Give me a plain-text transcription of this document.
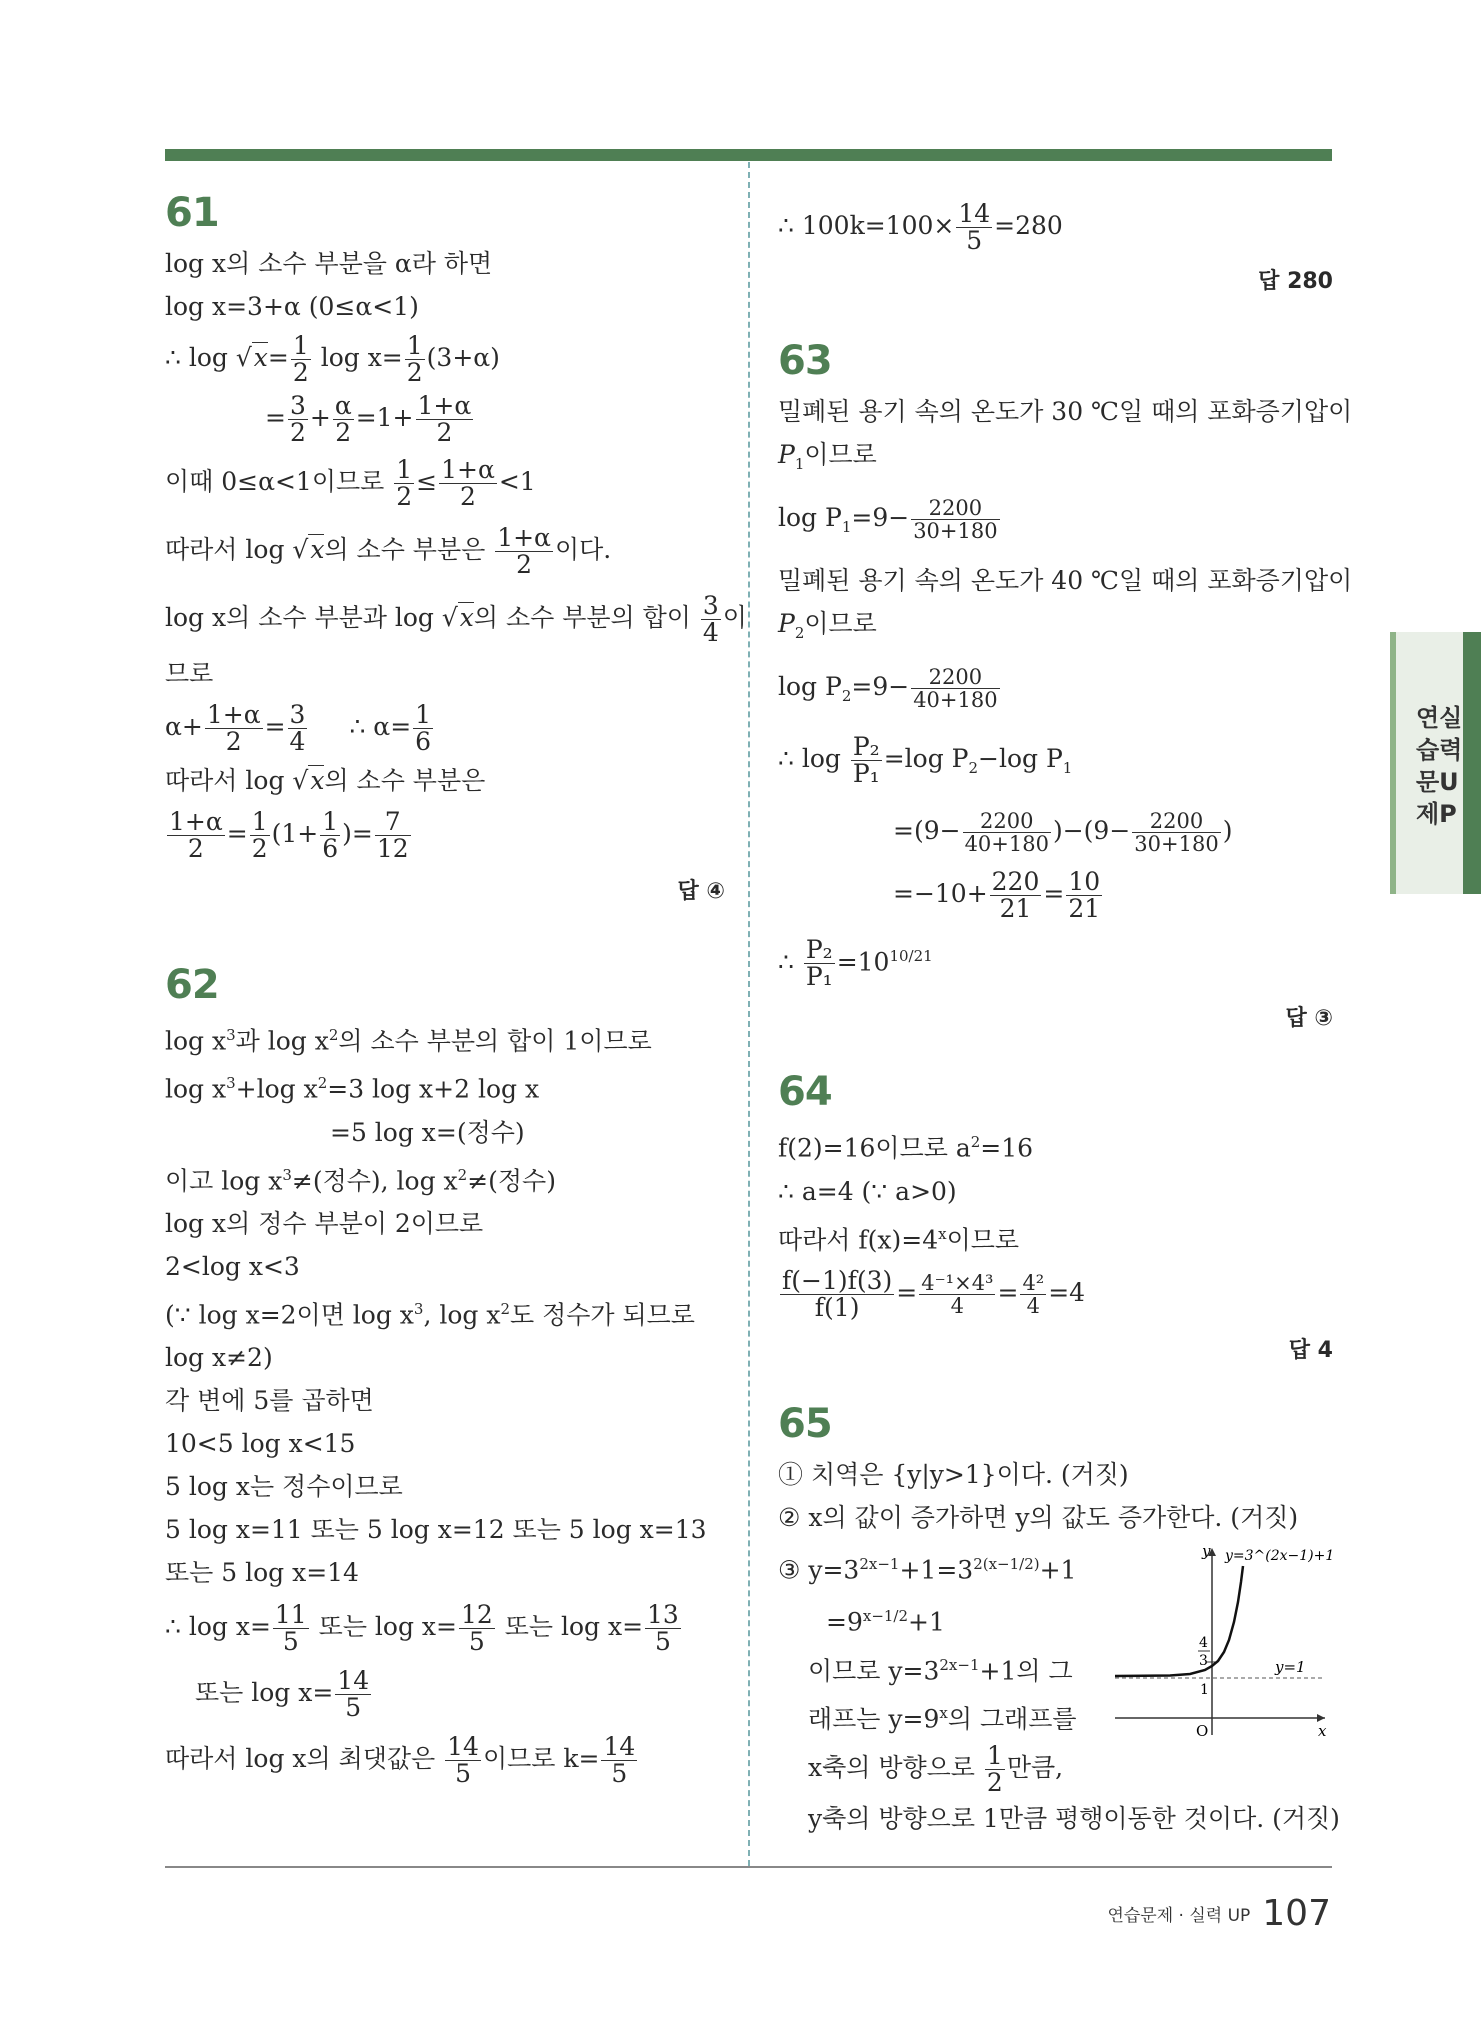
61
log x의 소수 부분을 α라 하면
log x=3+α (0≤α<1)
∴ $\log √x= \frac{1}{2}$ $\log x= \frac{1}{2} (3+\alpha)$
= $\frac{3}{2} + \frac{\alpha}{2} =1+ \frac{1+\alpha}{2}$
이때 0≤α<1이므로 $\frac{1}{2} \le \frac{1+\alpha}{2} <1$
따라서 log √x의 소수 부분은 $\frac{1+\alpha}{2}$ 이다.
log x의 소수 부분과 log √x의 소수 부분의 합이 $\frac{3}{4}$ 이
므로
$\alpha+ \frac{1+\alpha}{2} = \frac{3}{4}$ ∴ $\alpha= \frac{1}{6}$
따라서 log √x의 소수 부분은
$\frac{1+\alpha}{2} = \frac{1}{2} (1+ \frac{1}{6}$ )= $\frac{7}{12}$
답 ④
62
$\log x^3$과 $\log x^2$의 소수 부분의 합이 1이므로
$\log x^3+\log$ $x^2=3$ log x+2 log x
=5 log x=(정수)
이고 $\log x^3\ne$(정수), $\log x^2\ne$(정수)
log x의 정수 부분이 2이므로
2<log x<3
(∵ log x=2이면 $\log x^3$, $\log x^2$도 정수가 되므로
log x≠2)
각 변에 5를 곱하면
10<5 log x<15
5 log x는 정수이므로
5 log x=11 또는 5 log x=12 또는 5 log x=13
또는 5 log x=14
∴ $\log x= \frac{11}{5}$ 또는 $\log x= \frac{12}{5}$ 또는 $\log x= \frac{13}{5}$
또는 $\log x= \frac{14}{5}$
따라서 log x의 최댓값은 $\frac{14}{5}$ 이므로 $k= \frac{14}{5}$
∴ $100k=100\times \frac{14}{5} =280$
답 280
63
밀폐된 용기 속의 온도가 30 ℃일 때의 포화증기압이
$P_1$이므로
$\log P_1=9- \frac{2200}{30+180}$
밀폐된 용기 속의 온도가 40 ℃일 때의 포화증기압이
$P_2$이므로
$\log P_2=9- \frac{2200}{40+180}$
∴ $\log \frac{\text{P₂}}{\text{P₁}} =\log$ $P_2-\log$ $P_1$
$=(9- \frac{2200}{40+180} )-(9- \frac{2200}{30+180}$ )
$=-10+ \frac{220}{21} = \frac{10}{21}$
∴ $\frac{\text{P₂}}{\text{P₁}} =10^{10/21}$
답 ③
64
f(2)=16이므로 $a^2=16$
∴ a=4 (∵ a>0)
따라서 $f(x)=4^x$이므로
$\frac{f(-1)f(3)}{f(1)} = \frac{\text{4⁻¹×4³}}{4} = \frac{\text{4²}}{4} =4$
답 4
65
① 치역은 {y|y>1}이다. (거짓)
② x의 값이 증가하면 y의 값도 증가한다. (거짓)
③ $y=3^{2x-1}+1=3^{2(x-1/2)}+1$
$=9^{x-1/2}+1$
이므로 $y=3^{2x-1}+1$의 그
래프는 $y=9^x$의 그래프를
x축의 방향으로 $\frac{1}{2}$ 만큼,
y축의 방향으로 1만큼 평행이동한 것이다. (거짓)
y y=3^(2x−1)+1
y=1
x
O
4
3
1
연실
습력
문U
제P
연습문제 · 실력 UP 107
